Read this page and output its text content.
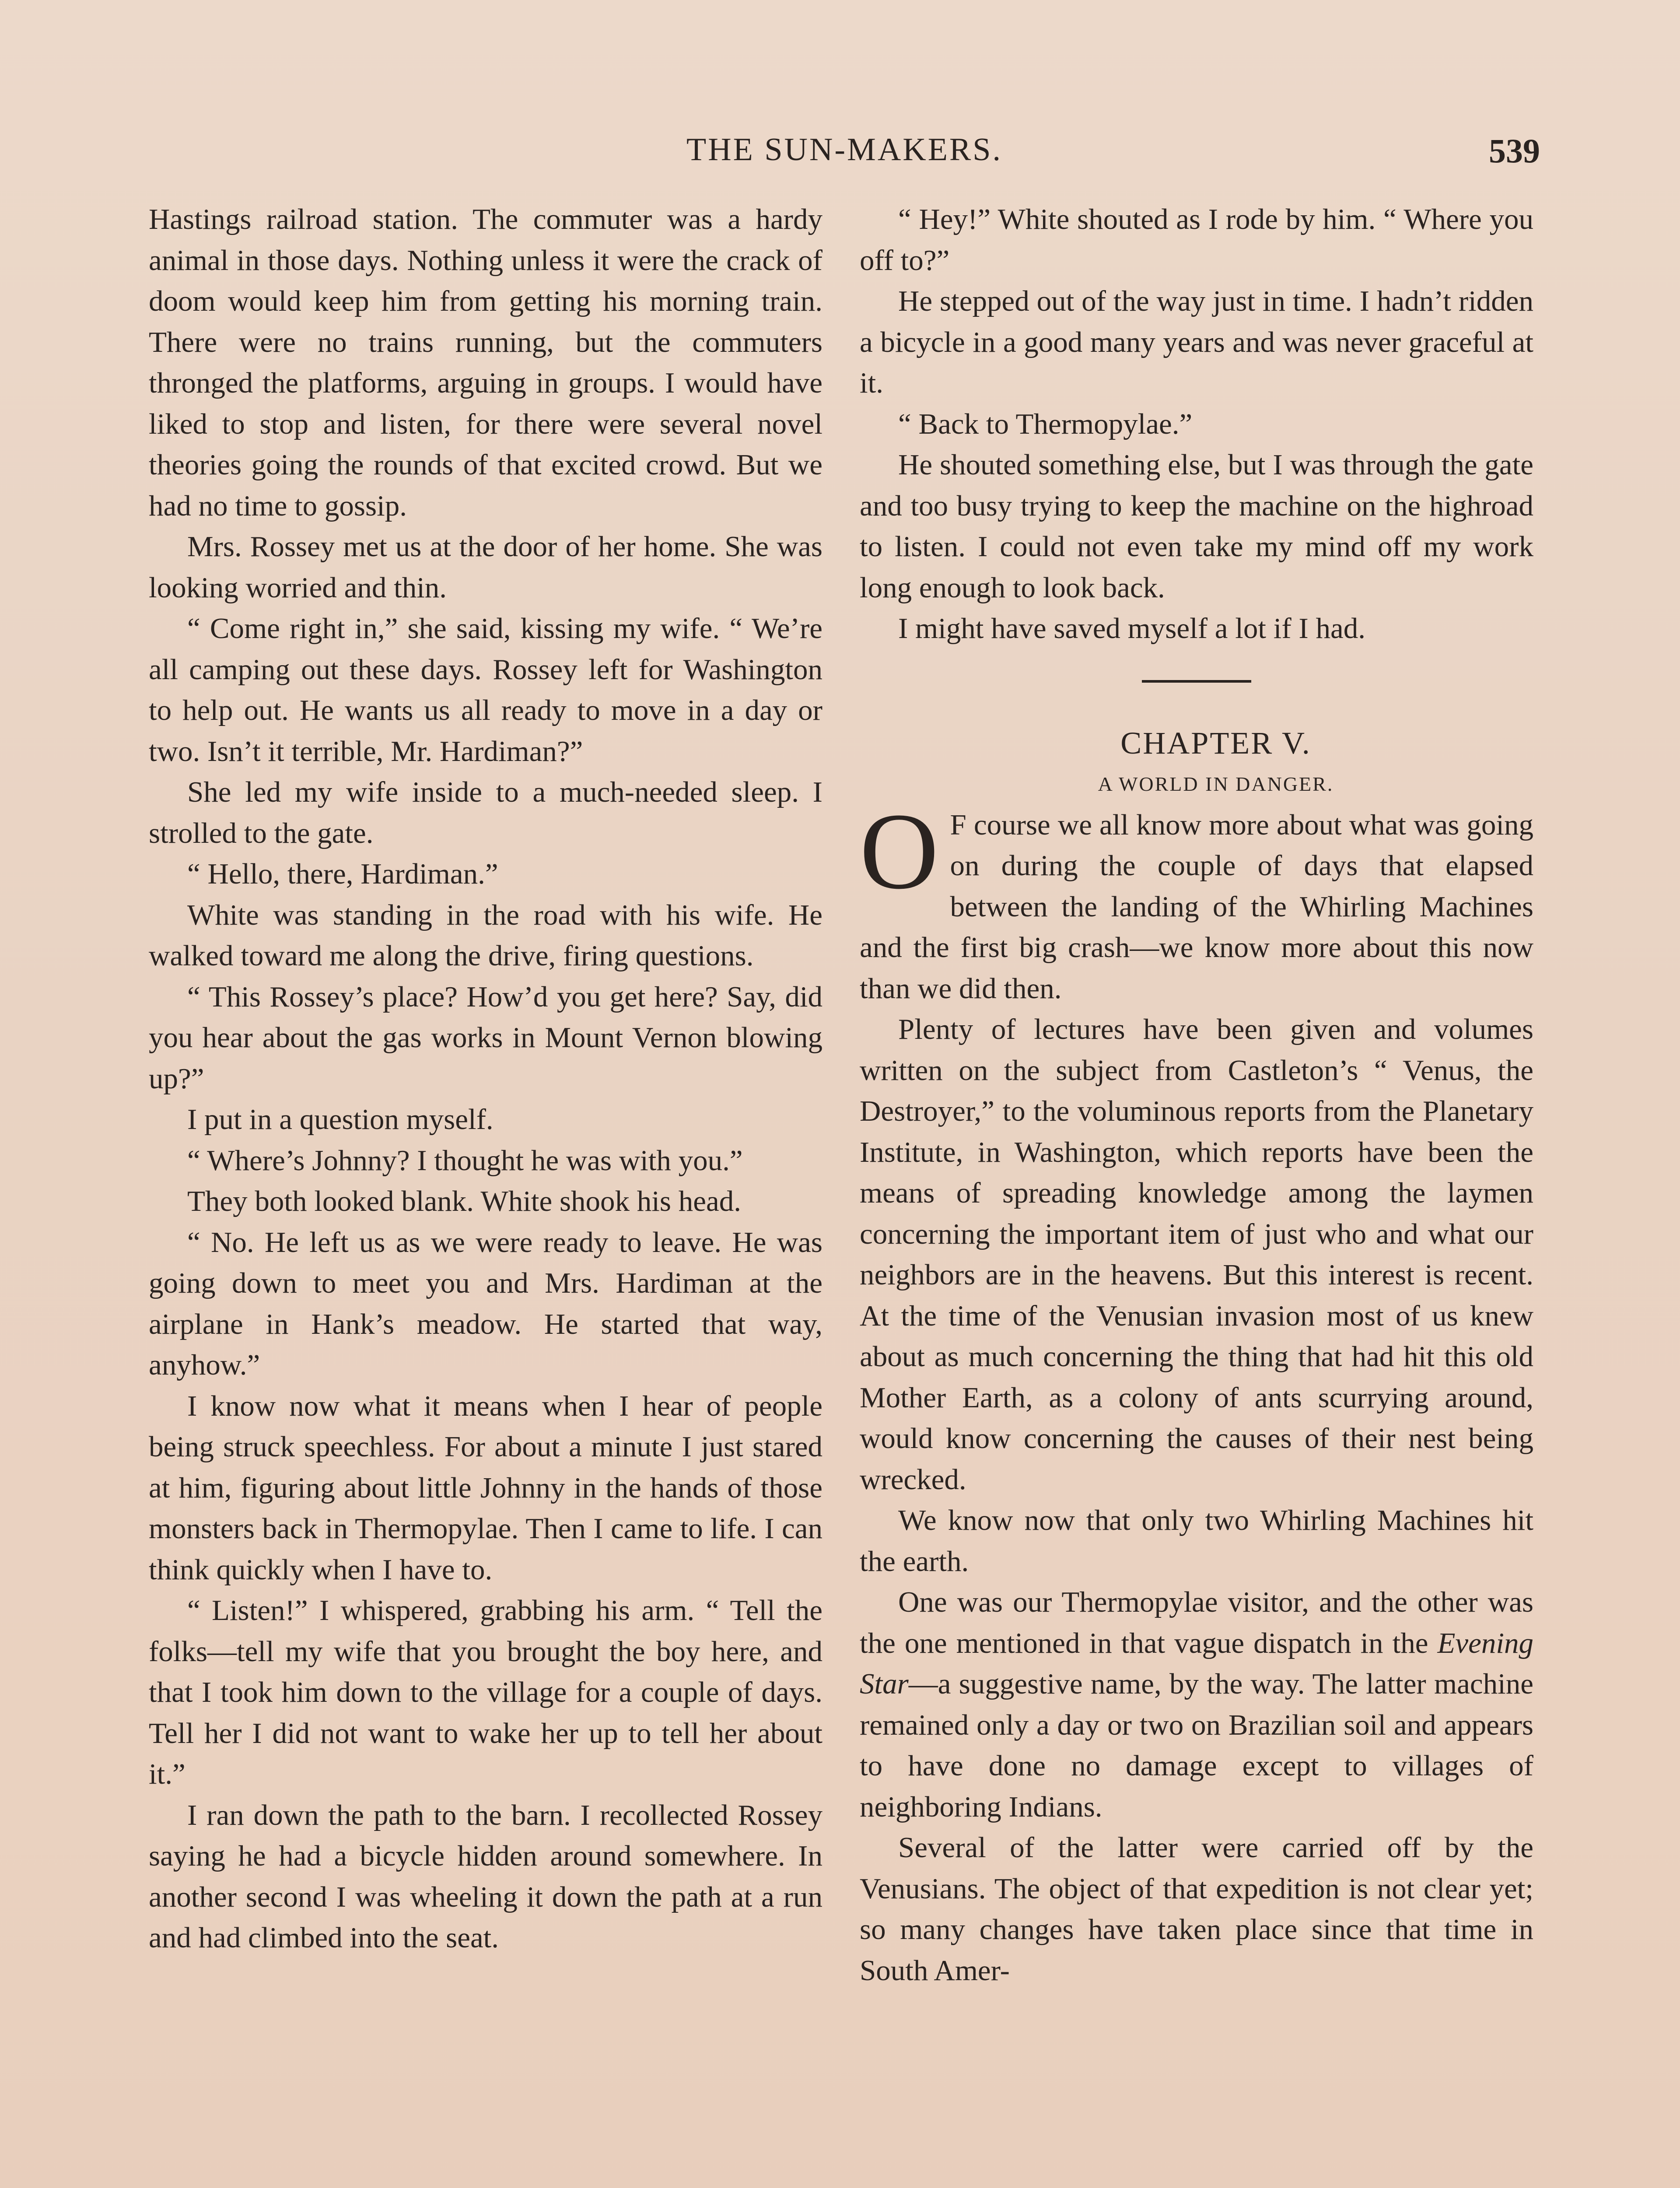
THE SUN-MAKERS.	539

Hastings railroad station. The commuter was a hardy animal in those days. Nothing unless it were the crack of doom would keep him from getting his morning train. There were no trains running, but the commuters thronged the platforms, arguing in groups. I would have liked to stop and listen, for there were several novel theories going the rounds of that excited crowd. But we had no time to gossip.

Mrs. Rossey met us at the door of her home. She was looking worried and thin.

“ Come right in,” she said, kissing my wife. “ We’re all camping out these days. Rossey left for Washington to help out. He wants us all ready to move in a day or two. Isn’t it terrible, Mr. Hardiman?”

She led my wife inside to a much-needed sleep. I strolled to the gate.

“ Hello, there, Hardiman.”

White was standing in the road with his wife. He walked toward me along the drive, firing questions.

“ This Rossey’s place? How’d you get here? Say, did you hear about the gas works in Mount Vernon blowing up?”

I put in a question myself.

“ Where’s Johnny? I thought he was with you.”

They both looked blank. White shook his head.

“ No. He left us as we were ready to leave. He was going down to meet you and Mrs. Hardiman at the airplane in Hank’s meadow. He started that way, anyhow.”

I know now what it means when I hear of people being struck speechless. For about a minute I just stared at him, figuring about little Johnny in the hands of those monsters back in Thermopylae. Then I came to life. I can think quickly when I have to.

“ Listen!” I whispered, grabbing his arm. “ Tell the folks—tell my wife that you brought the boy here, and that I took him down to the village for a couple of days. Tell her I did not want to wake her up to tell her about it.”

I ran down the path to the barn. I recollected Rossey saying he had a bicycle hidden around somewhere. In another second I was wheeling it down the path at a run and had climbed into the seat.

“ Hey!” White shouted as I rode by him. “ Where you off to?”

He stepped out of the way just in time. I hadn’t ridden a bicycle in a good many years and was never graceful at it.

“ Back to Thermopylae.”

He shouted something else, but I was through the gate and too busy trying to keep the machine on the highroad to listen. I could not even take my mind off my work long enough to look back.

I might have saved myself a lot if I had.

CHAPTER V.

A WORLD IN DANGER.

O F course we all know more about what was going on during the couple of days that elapsed between the landing of the Whirling Machines and the first big crash—we know more about this now than we did then.

Plenty of lectures have been given and volumes written on the subject from Castleton’s “ Venus, the Destroyer,” to the voluminous reports from the Planetary Institute, in Washington, which reports have been the means of spreading knowledge among the laymen concerning the important item of just who and what our neighbors are in the heavens. But this interest is recent. At the time of the Venusian invasion most of us knew about as much concerning the thing that had hit this old Mother Earth, as a colony of ants scurrying around, would know concerning the causes of their nest being wrecked.

We know now that only two Whirling Machines hit the earth.

One was our Thermopylae visitor, and the other was the one mentioned in that vague dispatch in the Evening Star—a suggestive name, by the way. The latter machine remained only a day or two on Brazilian soil and appears to have done no damage except to villages of neighboring Indians.

Several of the latter were carried off by the Venusians. The object of that expedition is not clear yet; so many changes have taken place since that time in South Amer-
